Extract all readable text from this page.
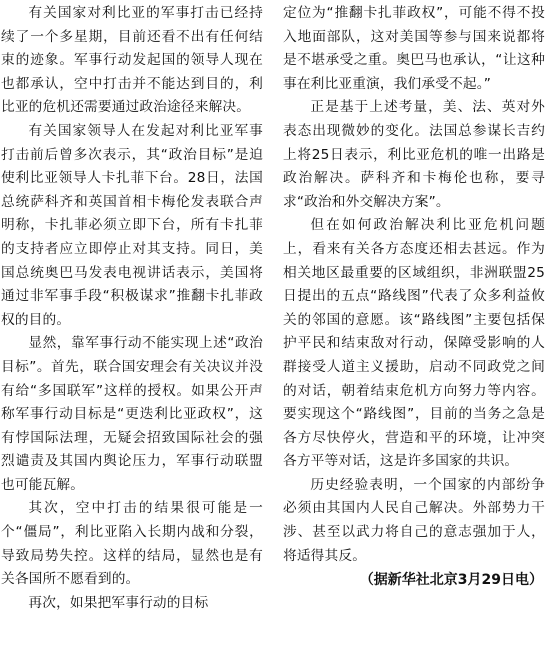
有关国家对利比亚的军事打击已经持续了一个多星期，目前还看不出有任何结束的迹象。军事行动发起国的领导人现在也都承认，空中打击并不能达到目的，利比亚的危机还需要通过政治途径来解决。

有关国家领导人在发起对利比亚军事打击前后曾多次表示，其“政治目标”是迫使利比亚领导人卡扎菲下台。28日，法国总统萨科齐和英国首相卡梅伦发表联合声明称，卡扎菲必须立即下台，所有卡扎菲的支持者应立即停止对其支持。同日，美国总统奥巴马发表电视讲话表示，美国将通过非军事手段“积极谋求”推翻卡扎菲政权的目的。

显然，靠军事行动不能实现上述“政治目标”。首先，联合国安理会有关决议并没有给“多国联军”这样的授权。如果公开声称军事行动目标是“更迭利比亚政权”，这有悖国际法理，无疑会招致国际社会的强烈谴责及其国内舆论压力，军事行动联盟也可能瓦解。

其次，空中打击的结果很可能是一个“僵局”，利比亚陷入长期内战和分裂，导致局势失控。这样的结局，显然也是有关各国所不愿看到的。

再次，如果把军事行动的目标

定位为“推翻卡扎菲政权”，可能不得不投入地面部队，这对美国等参与国来说都将是不堪承受之重。奥巴马也承认，“让这种事在利比亚重演，我们承受不起。”

正是基于上述考量，美、法、英对外表态出现微妙的变化。法国总参谋长吉约上将25日表示，利比亚危机的唯一出路是政治解决。萨科齐和卡梅伦也称，要寻求“政治和外交解决方案”。

但在如何政治解决利比亚危机问题上，看来有关各方态度还相去甚远。作为相关地区最重要的区域组织，非洲联盟25日提出的五点“路线图”代表了众多利益攸关的邻国的意愿。该“路线图”主要包括保护平民和结束敌对行动，保障受影响的人群接受人道主义援助，启动不同政党之间的对话，朝着结束危机方向努力等内容。要实现这个“路线图”，目前的当务之急是各方尽快停火，营造和平的环境，让冲突各方平等对话，这是许多国家的共识。

历史经验表明，一个国家的内部纷争必须由其国内人民自己解决。外部势力干涉、甚至以武力将自己的意志强加于人，将适得其反。

（据新华社北京3月29日电）
